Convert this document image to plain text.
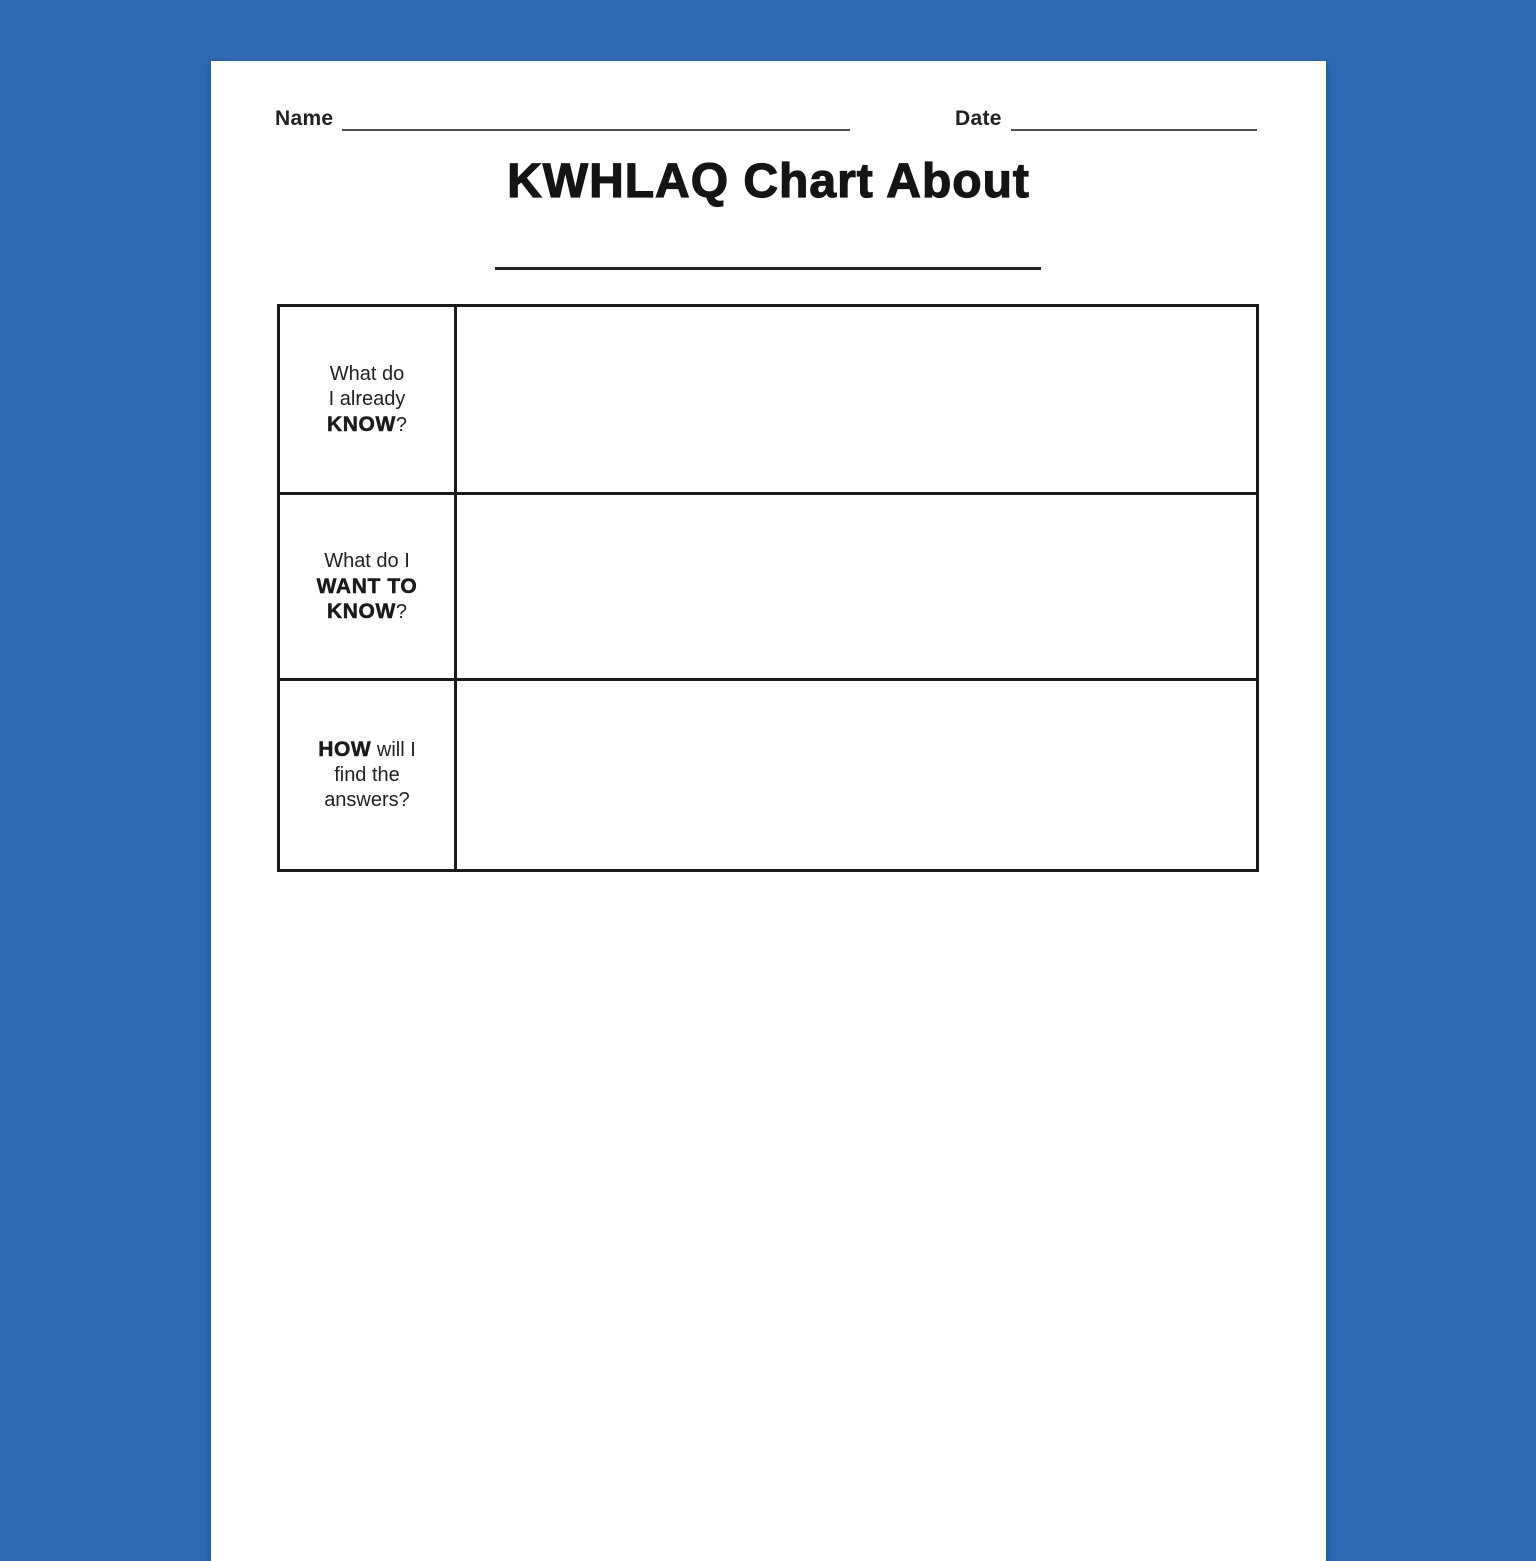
Name	Date
KWHLAQ Chart About
What do
I already
KNOW?
What do I
WANT TO
KNOW?
HOW will I
find the
answers?
